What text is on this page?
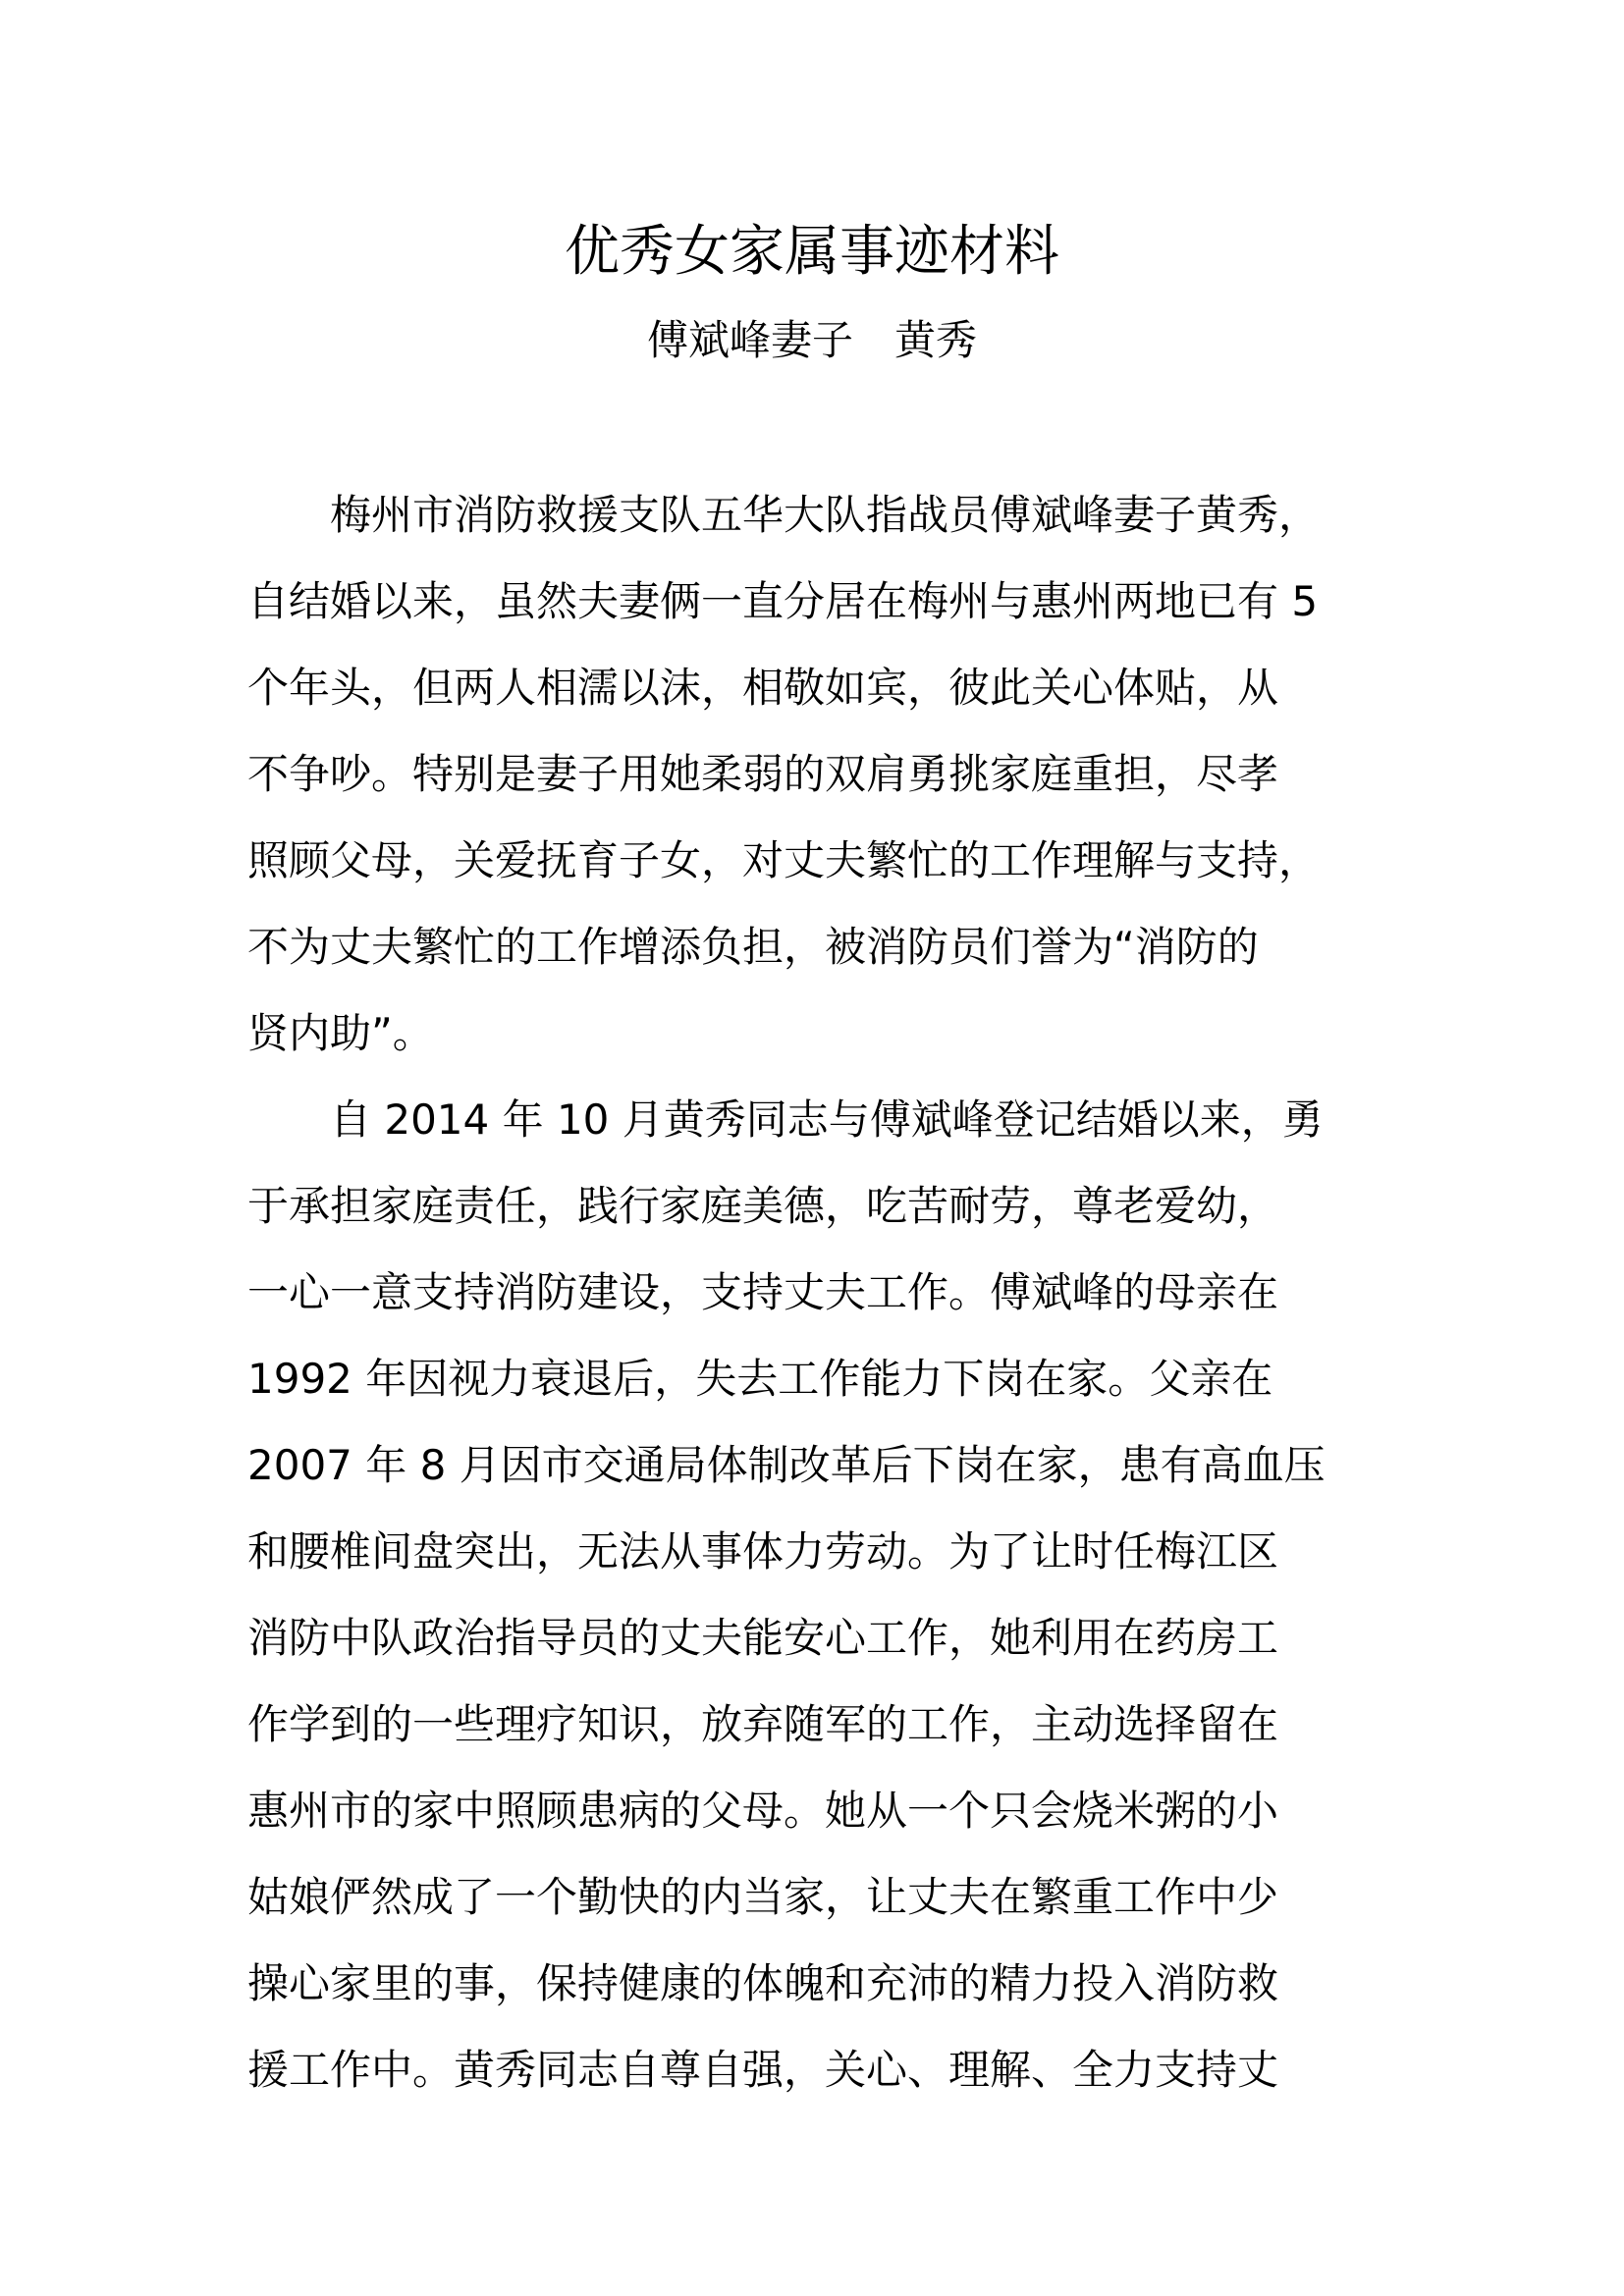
优秀女家属事迹材料
傅斌峰妻子　黄秀
　　梅州市消防救援支队五华大队指战员傅斌峰妻子黄秀，
自结婚以来，虽然夫妻俩一直分居在梅州与惠州两地已有 5
个年头，但两人相濡以沫，相敬如宾，彼此关心体贴，从
不争吵。特别是妻子用她柔弱的双肩勇挑家庭重担，尽孝
照顾父母，关爱抚育子女，对丈夫繁忙的工作理解与支持，
不为丈夫繁忙的工作增添负担，被消防员们誉为“消防的
贤内助”。
　　自 2014 年 10 月黄秀同志与傅斌峰登记结婚以来，勇
于承担家庭责任，践行家庭美德，吃苦耐劳，尊老爱幼，
一心一意支持消防建设，支持丈夫工作。傅斌峰的母亲在
1992 年因视力衰退后，失去工作能力下岗在家。父亲在
2007 年 8 月因市交通局体制改革后下岗在家，患有高血压
和腰椎间盘突出，无法从事体力劳动。为了让时任梅江区
消防中队政治指导员的丈夫能安心工作，她利用在药房工
作学到的一些理疗知识，放弃随军的工作，主动选择留在
惠州市的家中照顾患病的父母。她从一个只会烧米粥的小
姑娘俨然成了一个勤快的内当家，让丈夫在繁重工作中少
操心家里的事，保持健康的体魄和充沛的精力投入消防救
援工作中。黄秀同志自尊自强，关心、理解、全力支持丈
